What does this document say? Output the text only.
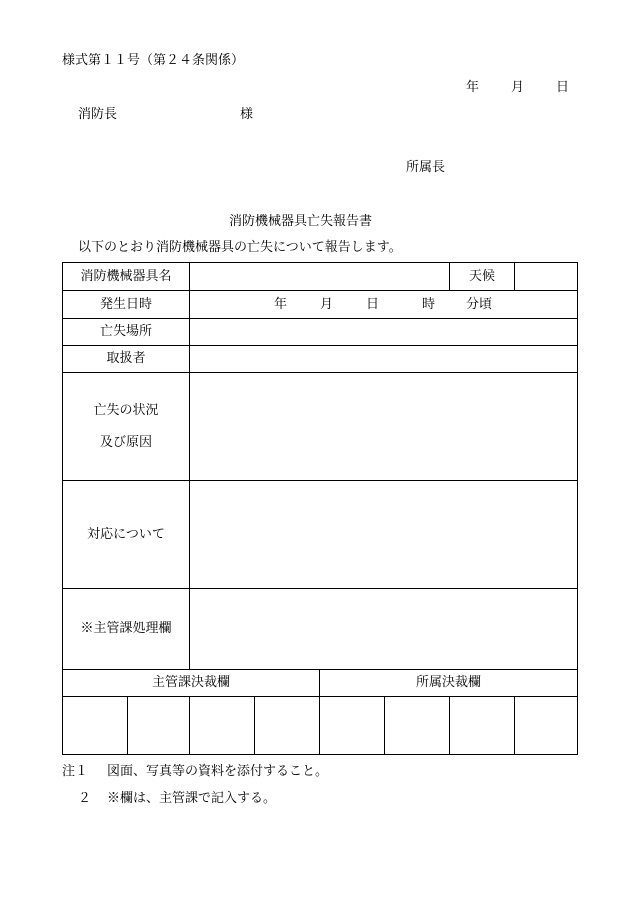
様式第１１号（第２４条関係）
年 月 日
消防長	様
所属長
消防機械器具亡失報告書
以下のとおり消防機械器具の亡失について報告します。
消防機械器具名						天候	
発生日時		年 月 日 時 分頃					

亡失場所							
取扱者							

亡失の状況
及び原因							

対応について							
※主管課処理欄							
主管課決裁欄				所属決裁欄			

注１ 図面、写真等の資料を添付すること。
２ ※欄は、主管課で記入する。
